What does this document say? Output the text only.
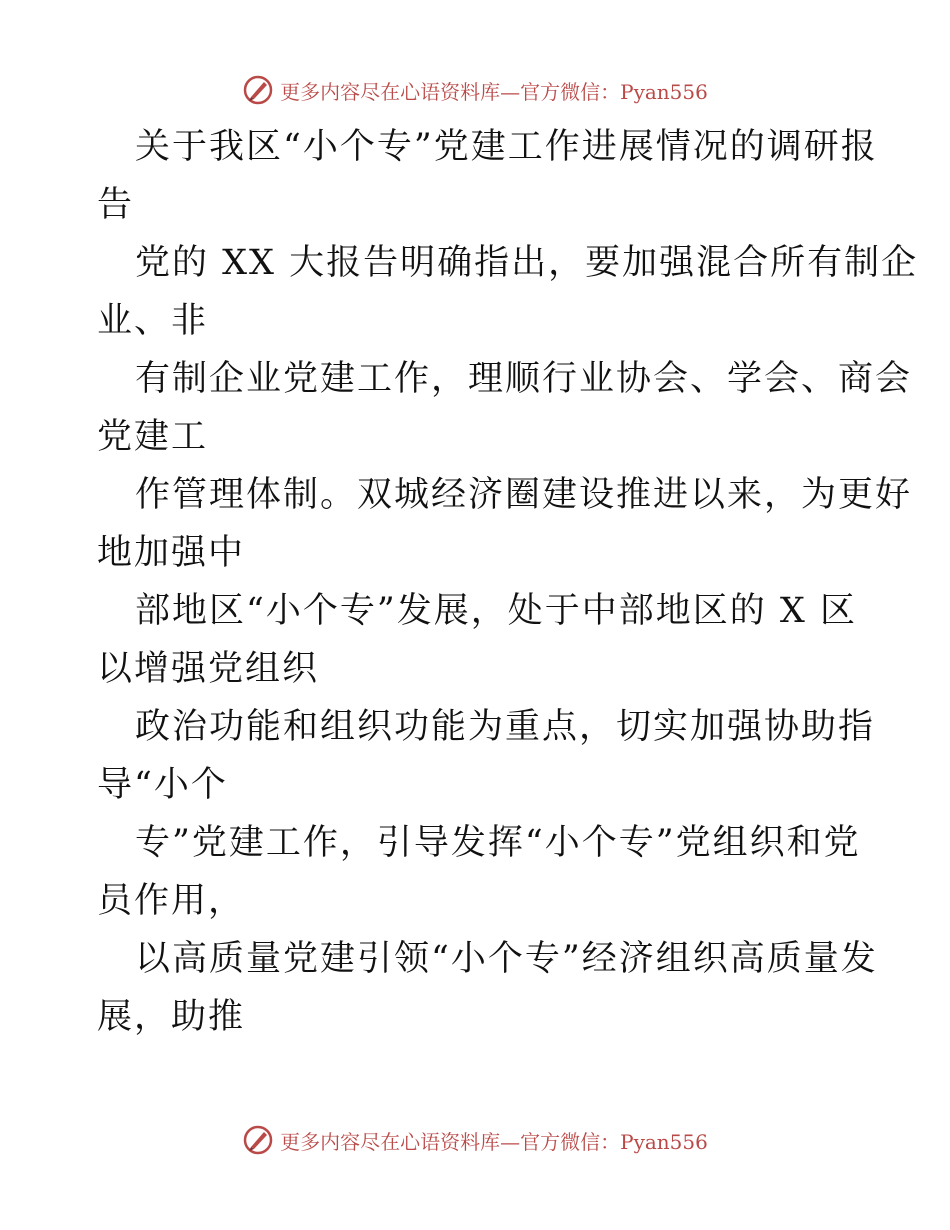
更多内容尽在心语资料库—官方微信：Pyan556
关于我区“小个专”党建工作进展情况的调研报
告
党的 XX 大报告明确指出，要加强混合所有制企
业、非
有制企业党建工作，理顺行业协会、学会、商会
党建工
作管理体制。双城经济圈建设推进以来，为更好
地加强中
部地区“小个专”发展，处于中部地区的 X 区
以增强党组织
政治功能和组织功能为重点，切实加强协助指
导“小个
专”党建工作，引导发挥“小个专”党组织和党
员作用，
以高质量党建引领“小个专”经济组织高质量发
展，助推
更多内容尽在心语资料库—官方微信：Pyan556
